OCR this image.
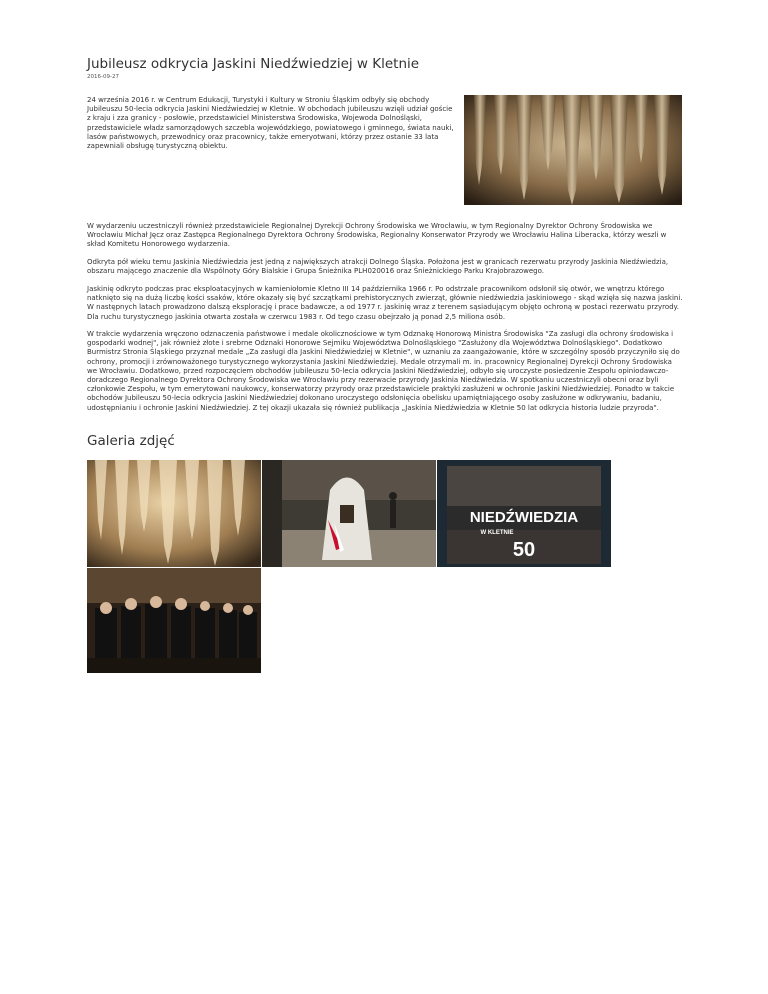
Jubileusz odkrycia Jaskini Niedźwiedziej w Kletnie
2016-09-27

24 września 2016 r. w Centrum Edukacji, Turystyki i Kultury w Stroniu Śląskim odbyły się obchody Jubileuszu 50-lecia odkrycia Jaskini Niedźwiedziej w Kletnie. W obchodach jubileuszu wzięli udział goście z kraju i zza granicy - posłowie, przedstawiciel Ministerstwa Środowiska, Wojewoda Dolnośląski, przedstawiciele władz samorządowych szczebla wojewódzkiego, powiatowego i gminnego, świata nauki, lasów państwowych, przewodnicy oraz pracownicy, także emeryotwani, którzy przez ostanie 33 lata zapewniali obsługę turystyczną obiektu.

W wydarzeniu uczestniczyli również przedstawiciele Regionalnej Dyrekcji Ochrony Środowiska we Wrocławiu, w tym Regionalny Dyrektor Ochrony Środowiska we Wrocławiu Michał Jęcz oraz Zastępca Regionalnego Dyrektora Ochrony Środowiska, Regionalny Konserwator Przyrody we Wrocławiu Halina Liberacka, którzy weszli w skład Komitetu Honorowego wydarzenia.

Odkryta pół wieku temu Jaskinia Niedźwiedzia jest jedną z największych atrakcji Dolnego Śląska. Położona jest w granicach rezerwatu przyrody Jaskinia Niedźwiedzia, obszaru mającego znaczenie dla Wspólnoty Góry Bialskie i Grupa Śnieżnika PLH020016 oraz Śnieżnickiego Parku Krajobrazowego.

Jaskinię odkryto podczas prac eksploatacyjnych w kamieniołomie Kletno III 14 października 1966 r. Po odstrzale pracownikom odsłonił się otwór, we wnętrzu którego natknięto się na dużą liczbę kości ssaków, które okazały się być szczątkami prehistorycznych zwierząt, głównie niedźwiedzia jaskiniowego - skąd wzięła się nazwa jaskini. W następnych latach prowadzono dalszą eksplorację i prace badawcze, a od 1977 r. jaskinię wraz z terenem sąsiadującym objęto ochroną w postaci rezerwatu przyrody. Dla ruchu turystycznego jaskinia otwarta została w czerwcu 1983 r. Od tego czasu obejrzało ją ponad 2,5 miliona osób.

W trakcie wydarzenia wręczono odznaczenia państwowe i medale okolicznościowe w tym Odznakę Honorową Ministra Środowiska "Za zasługi dla ochrony środowiska i gospodarki wodnej", jak również złote i srebrne Odznaki Honorowe Sejmiku Województwa Dolnośląskiego "Zasłużony dla Województwa Dolnośląskiego". Dodatkowo Burmistrz Stronia Śląskiego przyznał medale „Za zasługi dla Jaskini Niedźwiedziej w Kletnie", w uznaniu za zaangażowanie, które w szczególny sposób przyczyniło się do ochrony, promocji i zrównoważonego turystycznego wykorzystania Jaskini Niedźwiedziej. Medale otrzymali m. in. pracownicy Regionalnej Dyrekcji Ochrony Środowiska we Wrocławiu. Dodatkowo, przed rozpoczęciem obchodów jubileuszu 50-lecia odkrycia Jaskini Niedźwiedziej, odbyło się uroczyste posiedzenie Zespołu opiniodawczo-doradczego Regionalnego Dyrektora Ochrony Środowiska we Wrocławiu przy rezerwacie przyrody Jaskinia Niedźwiedzia. W spotkaniu uczestniczyli obecni oraz byli członkowie Zespołu, w tym emerytowani naukowcy, konserwatorzy przyrody oraz przedstawiciele praktyki zasłużeni w ochronie Jaskini Niedźwiedziej. Ponadto w takcie obchodów Jubileuszu 50-lecia odkrycia Jaskini Niedźwiedziej dokonano uroczystego odsłonięcia obelisku upamiętniającego osoby zasłużone w odkrywaniu, badaniu, udostępnianiu i ochronie Jaskini Niedźwiedziej. Z tej okazji ukazała się również publikacja „Jaskinia Niedźwiedzia w Kletnie 50 lat odkrycia historia ludzie przyroda".

Galeria zdjęć
NIEDŹWIEDZIA
W KLETNIE
50
